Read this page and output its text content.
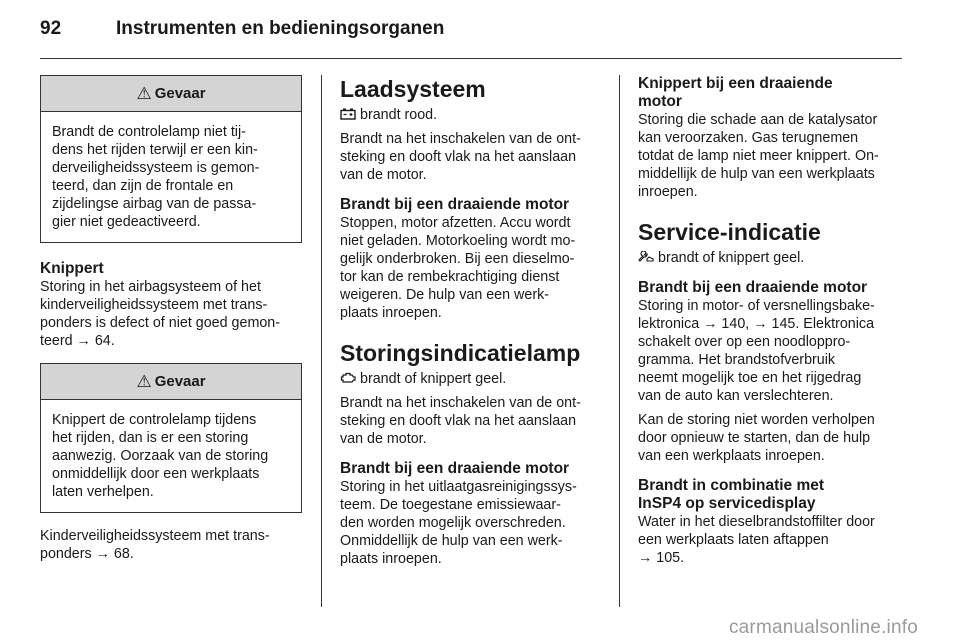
92	Instrumenten en bedieningsorganen
⚠ Gevaar

Brandt de controlelamp niet tij-
dens het rijden terwijl er een kin-
derveiligheidssysteem is gemon-
teerd, dan zijn de frontale en
zijdelingse airbag van de passa-
gier niet gedeactiveerd.

Knippert

Storing in het airbagsysteem of het
kinderveiligheidssysteem met trans-
ponders is defect of niet goed gemon-
teerd → 64.

⚠ Gevaar

Knippert de controlelamp tijdens
het rijden, dan is er een storing
aanwezig. Oorzaak van de storing
onmiddellijk door een werkplaats
laten verhelpen.

Kinderveiligheidssysteem met trans-
ponders → 68.

Laadsysteem

brandt rood.

Brandt na het inschakelen van de ont-
steking en dooft vlak na het aanslaan
van de motor.

Brandt bij een draaiende motor

Stoppen, motor afzetten. Accu wordt
niet geladen. Motorkoeling wordt mo-
gelijk onderbroken. Bij een dieselmo-
tor kan de rembekrachtiging dienst
weigeren. De hulp van een werk-
plaats inroepen.

Storingsindicatielamp

brandt of knippert geel.

Brandt na het inschakelen van de ont-
steking en dooft vlak na het aanslaan
van de motor.

Brandt bij een draaiende motor

Storing in het uitlaatgasreinigingssys-
teem. De toegestane emissiewaar-
den worden mogelijk overschreden.
Onmiddellijk de hulp van een werk-
plaats inroepen.

Knippert bij een draaiende
motor

Storing die schade aan de katalysator
kan veroorzaken. Gas terugnemen
totdat de lamp niet meer knippert. On-
middellijk de hulp van een werkplaats
inroepen.

Service-indicatie

brandt of knippert geel.

Brandt bij een draaiende motor

Storing in motor- of versnellingsbake-
lektronica → 140, → 145. Elektronica
schakelt over op een noodloppro-
gramma. Het brandstofverbruik
neemt mogelijk toe en het rijgedrag
van de auto kan verslechteren.

Kan de storing niet worden verholpen
door opnieuw te starten, dan de hulp
van een werkplaats inroepen.

Brandt in combinatie met
InSP4 op servicedisplay

Water in het dieselbrandstoffilter door
een werkplaats laten aftappen
→ 105.

carmanualsonline.info
